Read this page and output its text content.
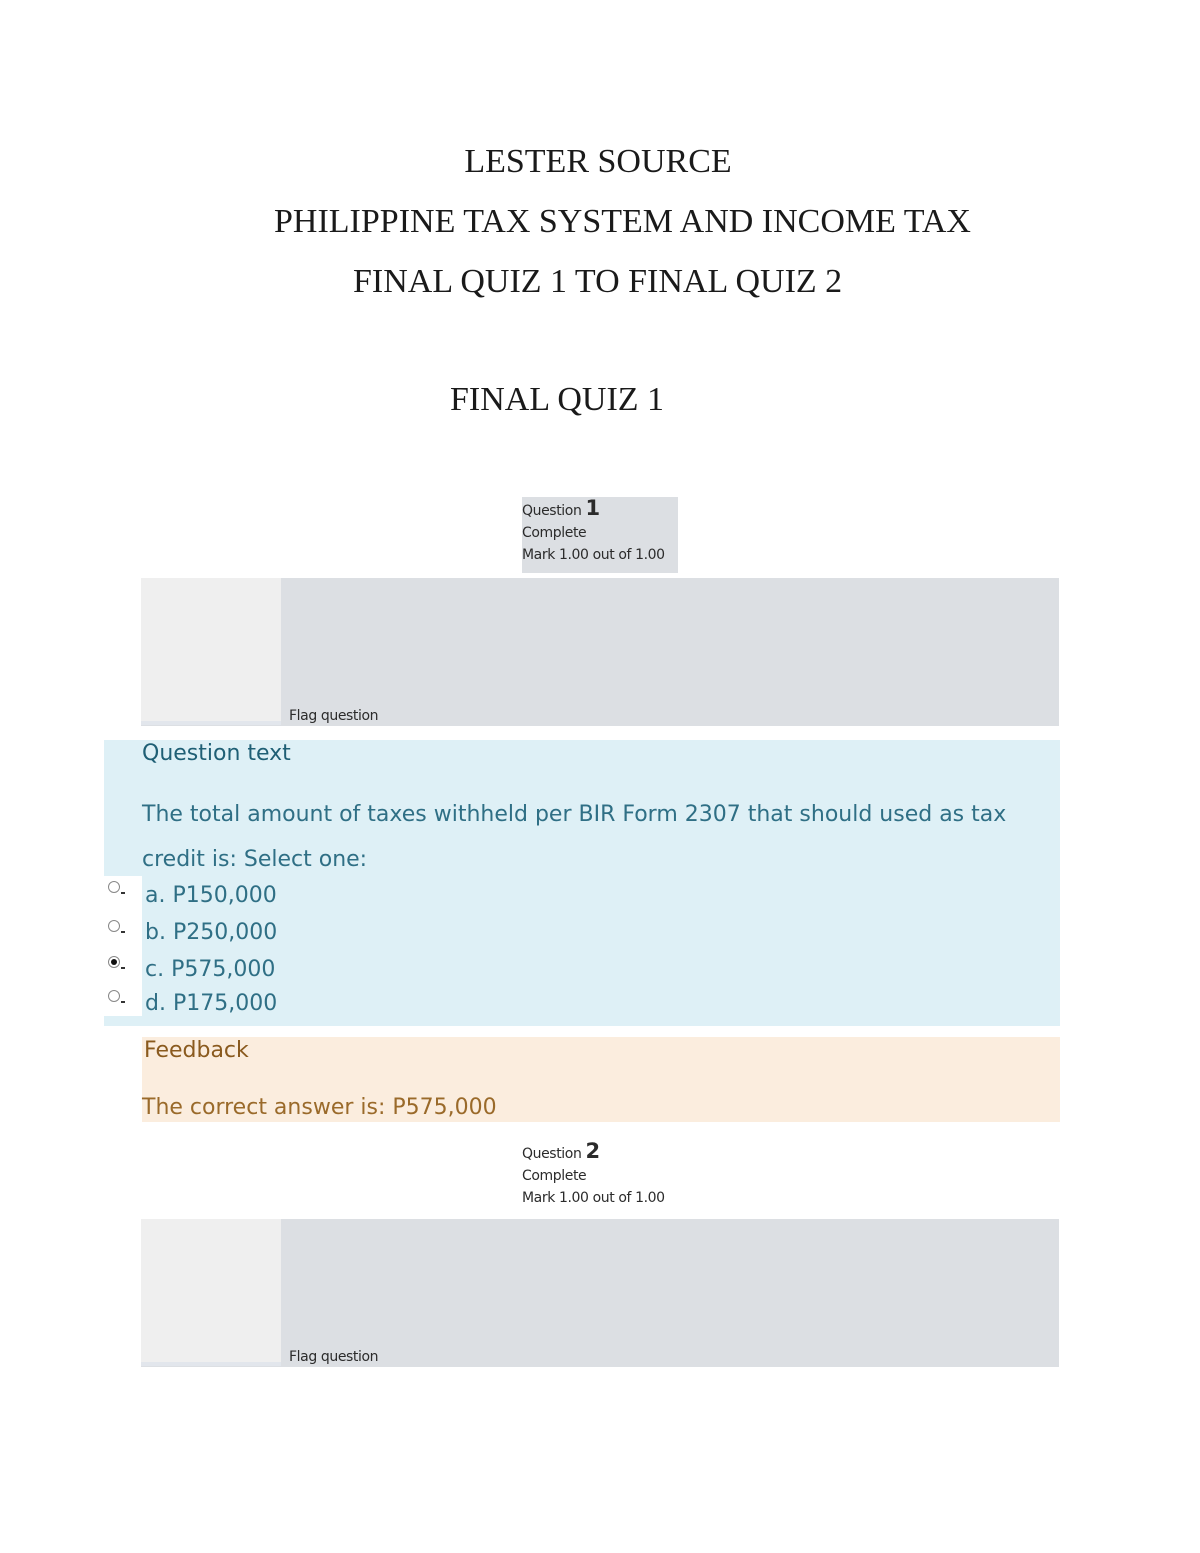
LESTER SOURCE
PHILIPPINE TAX SYSTEM AND INCOME TAX
FINAL QUIZ 1 TO FINAL QUIZ 2
FINAL QUIZ 1
Question 1
Complete
Mark 1.00 out of 1.00
Flag question
Question text
The total amount of taxes withheld per BIR Form 2307 that should used as tax credit is: Select one:
a. P150,000
b. P250,000
c. P575,000
d. P175,000
Feedback
The correct answer is: P575,000
Question 2
Complete
Mark 1.00 out of 1.00
Flag question
